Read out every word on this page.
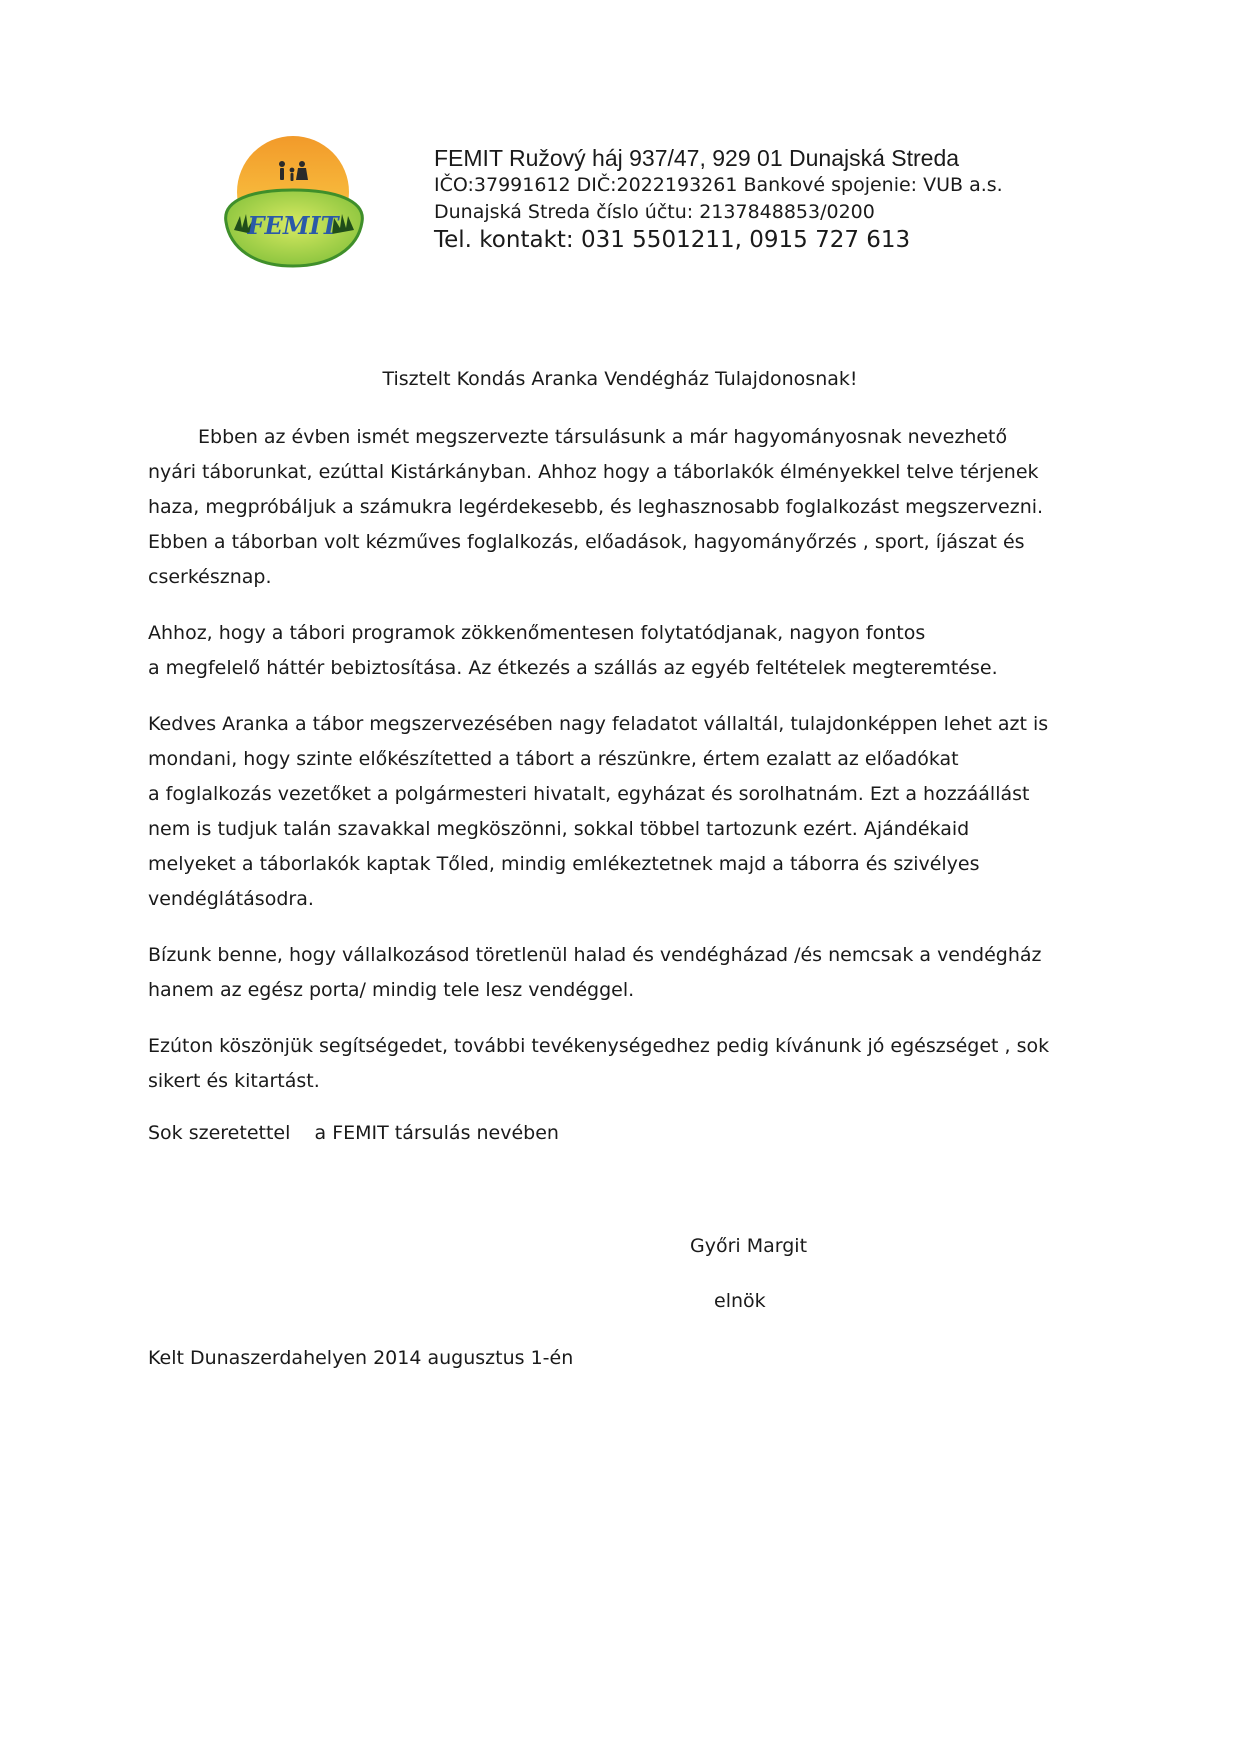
FEMIT
FEMIT Ružový háj 937/47, 929 01 Dunajská Streda
IČO:37991612 DIČ:2022193261 Bankové spojenie: VUB a.s.
Dunajská Streda číslo účtu: 2137848853/0200
Tel. kontakt: 031 5501211, 0915 727 613
Tisztelt Kondás Aranka Vendégház Tulajdonosnak!

Ebben az évben ismét megszervezte társulásunk a már hagyományosnak nevezhető
nyári táborunkat, ezúttal Kistárkányban. Ahhoz hogy a táborlakók élményekkel telve térjenek
haza, megpróbáljuk a számukra legérdekesebb, és leghasznosabb foglalkozást megszervezni.
Ebben a táborban volt kézműves foglalkozás, előadások, hagyományőrzés , sport, íjászat és
cserkésznap.

Ahhoz, hogy a tábori programok zökkenőmentesen folytatódjanak, nagyon fontos
a megfelelő háttér bebiztosítása. Az étkezés a szállás az egyéb feltételek megteremtése.

Kedves Aranka a tábor megszervezésében nagy feladatot vállaltál, tulajdonképpen lehet azt is
mondani, hogy szinte előkészítetted a tábort a részünkre, értem ezalatt az előadókat
a foglalkozás vezetőket a polgármesteri hivatalt, egyházat és sorolhatnám. Ezt a hozzáállást
nem is tudjuk talán szavakkal megköszönni, sokkal többel tartozunk ezért. Ajándékaid
melyeket a táborlakók kaptak Tőled, mindig emlékeztetnek majd a táborra és szivélyes
vendéglátásodra.

Bízunk benne, hogy vállalkozásod töretlenül halad és vendégházad /és nemcsak a vendégház
hanem az egész porta/ mindig tele lesz vendéggel.

Ezúton köszönjük segítségedet, további tevékenységedhez pedig kívánunk jó egészséget , sok
sikert és kitartást.

Sok szeretettel    a FEMIT társulás nevében
Győri Margit
elnök
Kelt Dunaszerdahelyen 2014 augusztus 1-én
